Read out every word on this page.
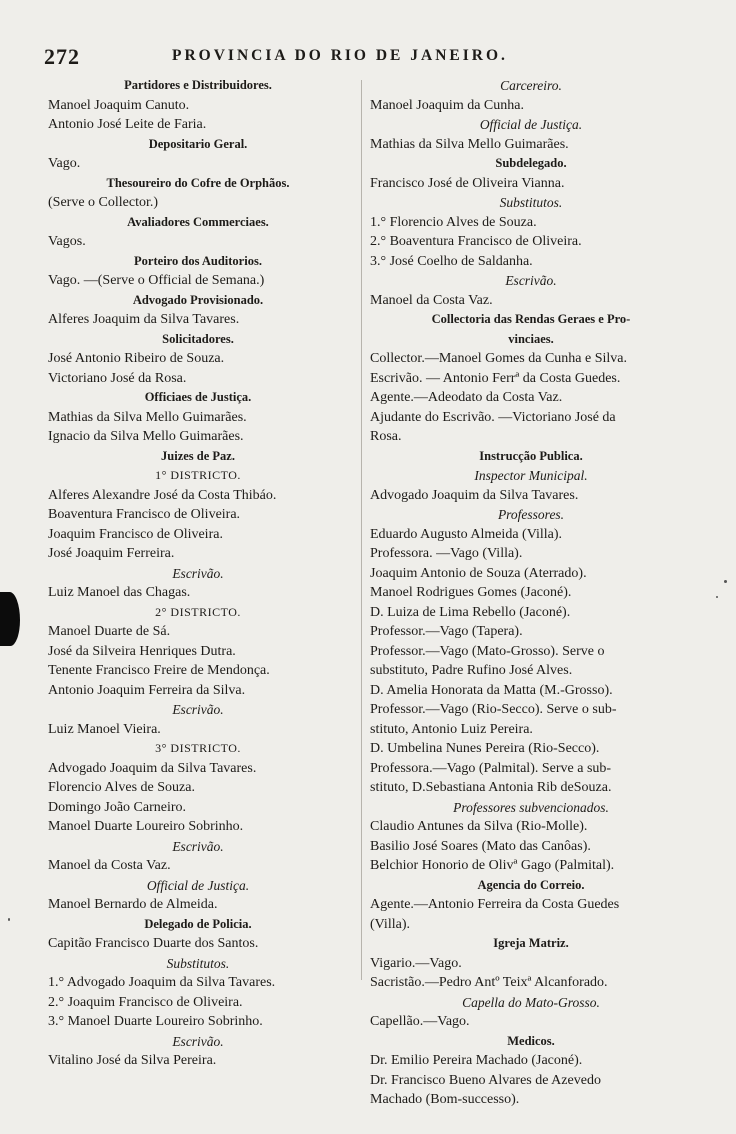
272	PROVINCIA DO RIO DE JANEIRO.
Partidores e Distribuidores.
Manoel Joaquim Canuto.
Antonio José Leite de Faria.
Depositario Geral.
Vago.
Thesoureiro do Cofre de Orphãos.
(Serve o Collector.)
Avaliadores Commerciaes.
Vagos.
Porteiro dos Auditorios.
Vago. —(Serve o Official de Semana.)
Advogado Provisionado.
Alferes Joaquim da Silva Tavares.
Solicitadores.
José Antonio Ribeiro de Souza.
Victoriano José da Rosa.
Officiaes de Justiça.
Mathias da Silva Mello Guimarães.
Ignacio da Silva Mello Guimarães.
Juizes de Paz.
1° DISTRICTO.
Alferes Alexandre José da Costa Thibáo.
Boaventura Francisco de Oliveira.
Joaquim Francisco de Oliveira.
José Joaquim Ferreira.
Escrivão.
Luiz Manoel das Chagas.
2° DISTRICTO.
Manoel Duarte de Sá.
José da Silveira Henriques Dutra.
Tenente Francisco Freire de Mendonça.
Antonio Joaquim Ferreira da Silva.
Escrivão.
Luiz Manoel Vieira.
3° DISTRICTO.
Advogado Joaquim da Silva Tavares.
Florencio Alves de Souza.
Domingo João Carneiro.
Manoel Duarte Loureiro Sobrinho.
Escrivão.
Manoel da Costa Vaz.
Official de Justiça.
Manoel Bernardo de Almeida.
Delegado de Policia.
Capitão Francisco Duarte dos Santos.
Substitutos.
1.° Advogado Joaquim da Silva Tavares.
2.° Joaquim Francisco de Oliveira.
3.° Manoel Duarte Loureiro Sobrinho.
Escrivão.
Vitalino José da Silva Pereira.
Carcereiro.
Manoel Joaquim da Cunha.
Official de Justiça.
Mathias da Silva Mello Guimarães.
Subdelegado.
Francisco José de Oliveira Vianna.
Substitutos.
1.° Florencio Alves de Souza.
2.° Boaventura Francisco de Oliveira.
3.° José Coelho de Saldanha.
Escrivão.
Manoel da Costa Vaz.
Collectoria das Rendas Geraes e Pro-
vinciaes.
Collector.—Manoel Gomes da Cunha e Silva.
Escrivão. — Antonio Ferrª da Costa Guedes.
Agente.—Adeodato da Costa Vaz.
Ajudante do Escrivão. —Victoriano José da
Rosa.
Instrucção Publica.
Inspector Municipal.
Advogado Joaquim da Silva Tavares.
Professores.
Eduardo Augusto Almeida (Villa).
Professora. —Vago (Villa).
Joaquim Antonio de Souza (Aterrado).
Manoel Rodrigues Gomes (Jaconé).
D. Luiza de Lima Rebello (Jaconé).
Professor.—Vago (Tapera).
Professor.—Vago (Mato-Grosso). Serve o
substituto, Padre Rufino José Alves.
D. Amelia Honorata da Matta (M.-Grosso).
Professor.—Vago (Rio-Secco). Serve o sub-
stituto, Antonio Luiz Pereira.
D. Umbelina Nunes Pereira (Rio-Secco).
Professora.—Vago (Palmital). Serve a sub-
stituto, D.Sebastiana Antonia Rib deSouza.
Professores subvencionados.
Claudio Antunes da Silva (Rio-Molle).
Basilio José Soares (Mato das Canôas).
Belchior Honorio de Olivª Gago (Palmital).
Agencia do Correio.
Agente.—Antonio Ferreira da Costa Guedes
(Villa).
Igreja Matriz.
Vigario.—Vago.
Sacristão.—Pedro Antº Teixª Alcanforado.
Capella do Mato-Grosso.
Capellão.—Vago.
Medicos.
Dr. Emilio Pereira Machado (Jaconé).
Dr. Francisco Bueno Alvares de Azevedo
Machado (Bom-successo).
